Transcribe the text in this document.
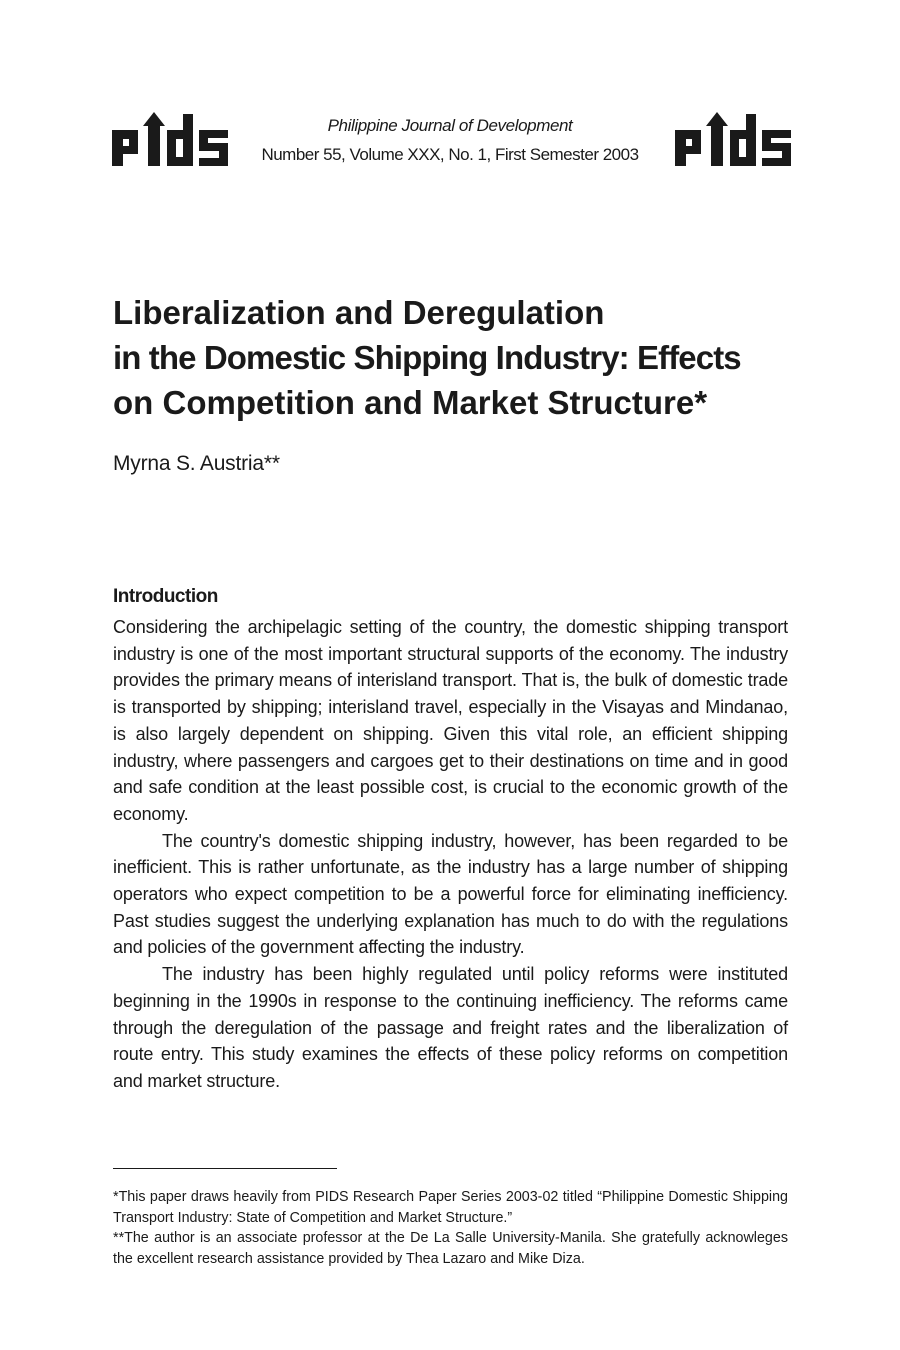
Philippine Journal of Development
Number 55, Volume XXX, No. 1, First Semester 2003
Liberalization and Deregulation
in the Domestic Shipping Industry: Effects
on Competition and Market Structure*
Myrna S. Austria**
Introduction

Considering the archipelagic setting of the country, the domestic shipping transport industry is one of the most important structural supports of the economy. The industry provides the primary means of interisland transport. That is, the bulk of domestic trade is transported by shipping; interisland travel, especially in the Visayas and Mindanao, is also largely dependent on shipping. Given this vital role, an efficient shipping industry, where passengers and cargoes get to their destinations on time and in good and safe condition at the least possible cost, is crucial to the economic growth of the economy.

The country's domestic shipping industry, however, has been regarded to be inefficient. This is rather unfortunate, as the industry has a large number of shipping operators who expect competition to be a powerful force for eliminating inefficiency. Past studies suggest the underlying explanation has much to do with the regulations and policies of the government affecting the industry.

The industry has been highly regulated until policy reforms were instituted beginning in the 1990s in response to the continuing inefficiency. The reforms came through the deregulation of the passage and freight rates and the liberalization of route entry. This study examines the effects of these policy reforms on competition and market structure.

*This paper draws heavily from PIDS Research Paper Series 2003-02 titled “Philippine Domestic Shipping Transport Industry: State of Competition and Market Structure.”

**The author is an associate professor at the De La Salle University-Manila. She gratefully acknowleges the excellent research assistance provided by Thea Lazaro and Mike Diza.
